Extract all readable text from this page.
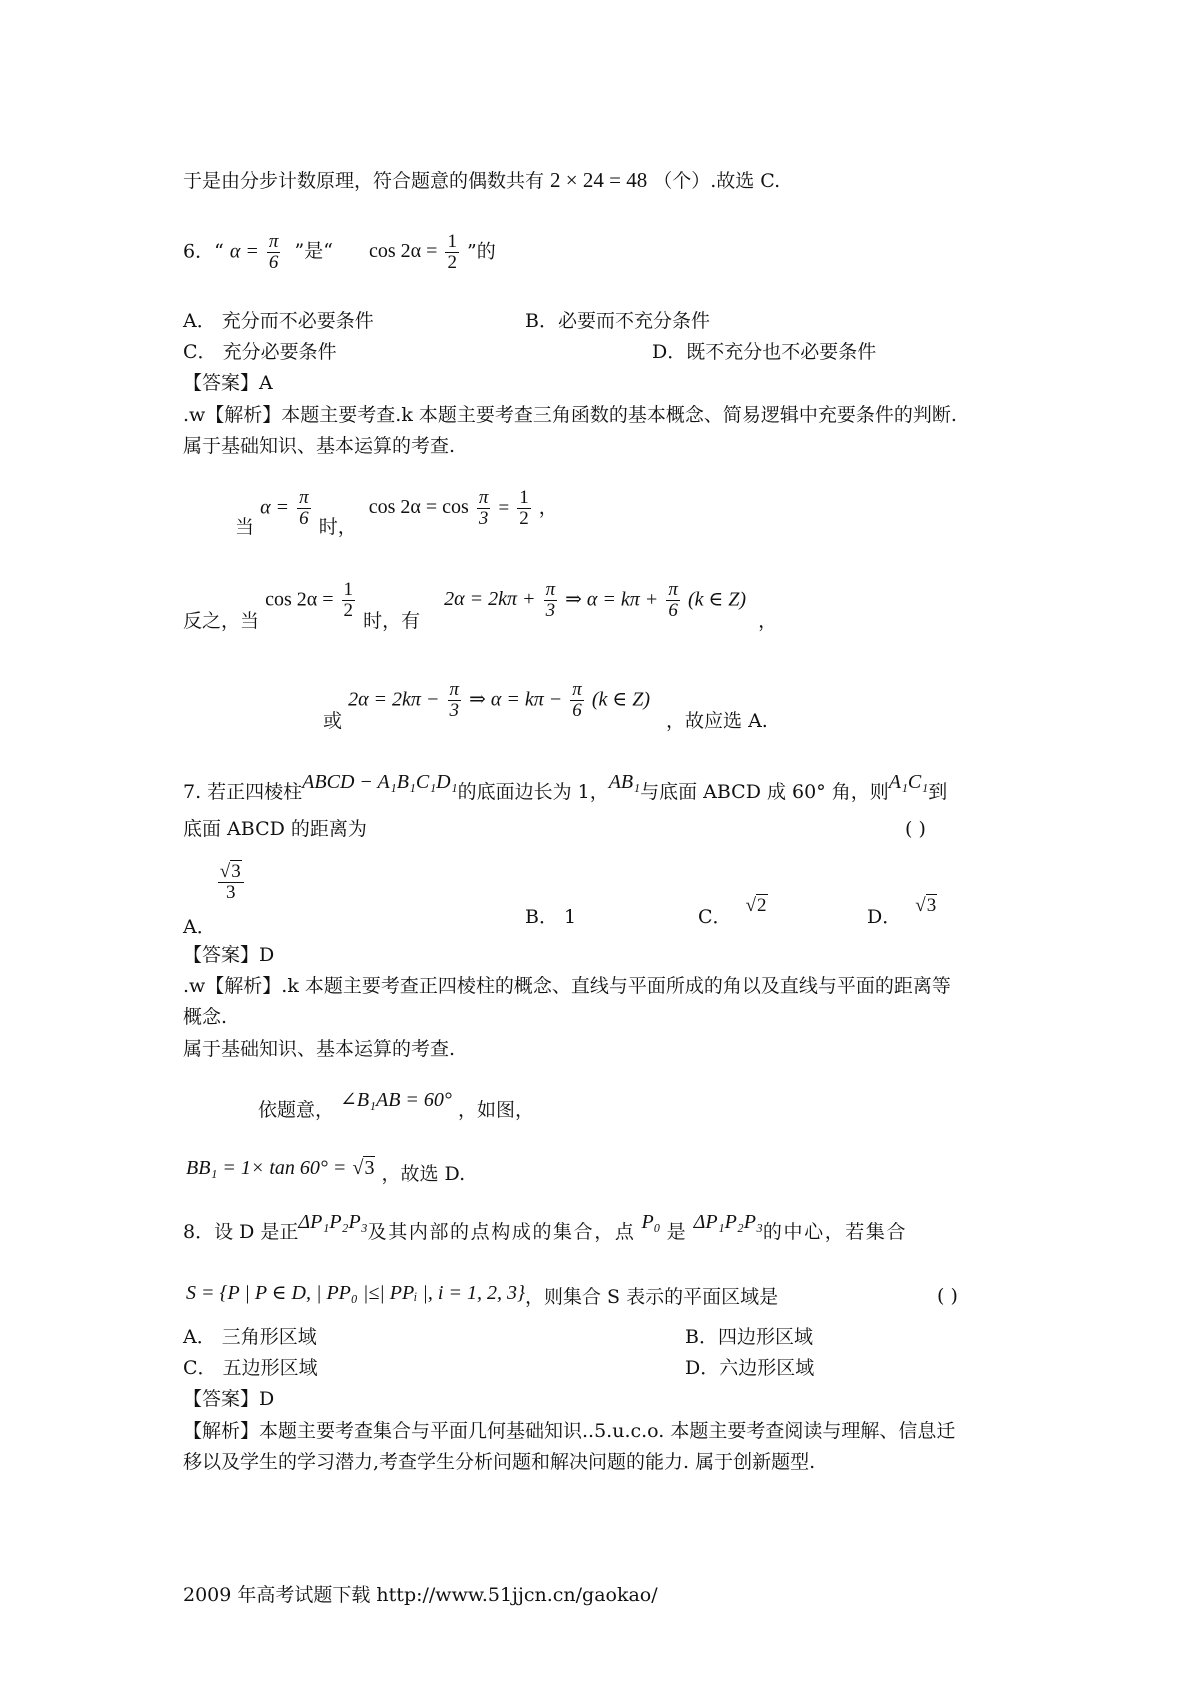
于是由分步计数原理，符合题意的偶数共有 2 × 24 = 48 （个）.故选 C.
6．“ $\alpha = \frac{\pi}{6}$ ”是“ $\cos 2\alpha = \frac{1}{2}$ ”的
A． 充分而不必要条件	B．必要而不充分条件
C． 充分必要条件	D．既不充分也不必要条件
【答案】A
.w【解析】本题主要考查.k 本题主要考查三角函数的基本概念、简易逻辑中充要条件的判断.
属于基础知识、基本运算的考查.
当 $\alpha = \frac{\pi}{6}$ 时， $\cos 2\alpha = \cos \frac{\pi}{3} = \frac{1}{2}$ ，
反之，当 $\cos 2\alpha = \frac{1}{2}$
时，有 $2\alpha = 2k\pi + \frac{\pi}{3}$ ⇒ $\alpha = k\pi + \frac{\pi}{6} (k$ ∈ Z) ，
或 $2\alpha = 2k\pi - \frac{\pi}{3}$ ⇒ $\alpha = k\pi - \frac{\pi}{6} (k$ ∈ Z) ，故应选 A.
7. 若正四棱柱ABCD − A₁B₁C₁D₁的底面边长为 1，AB₁与底面 ABCD 成 60° 角，则A₁C₁到
底面 ABCD 的距离为	( )
A．
$\frac{√3}{3}$
B． 1	C． √2
D． √3
【答案】D
.w【解析】.k 本题主要考查正四棱柱的概念、直线与平面所成的角以及直线与平面的距离等
概念.
属于基础知识、基本运算的考查.
依题意， ∠B₁AB = 60° ，如图，
BB₁ = 1× tan 60° = √3 ，故选 D.
8．设 D 是正ΔP₁P₂P₃及其内部的点构成的集合，点 P₀ 是 ΔP₁P₂P₃的中心，若集合
S = {P | P ∈ D, | PP₀ |≤| PPᵢ |, i = 1, 2, 3}，则集合 S 表示的平面区域是	( )
A． 三角形区域	B．四边形区域
C． 五边形区域	D．六边形区域
【答案】D
【解析】本题主要考查集合与平面几何基础知识..5.u.c.o. 本题主要考查阅读与理解、信息迁
移以及学生的学习潜力,考查学生分析问题和解决问题的能力. 属于创新题型.
2009 年高考试题下载 http://www.51jjcn.cn/gaokao/
